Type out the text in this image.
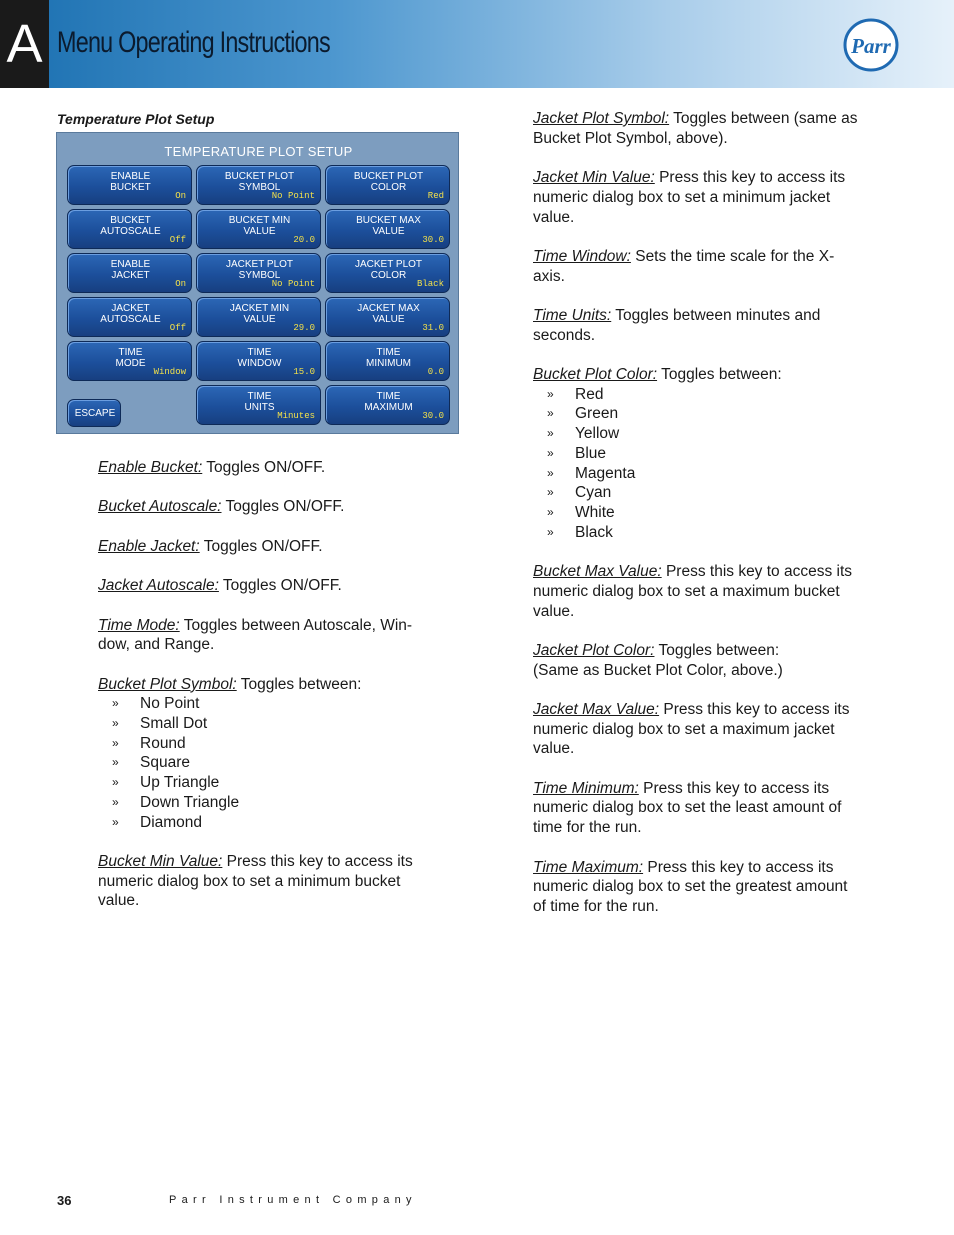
A Menu Operating Instructions	Parr
Temperature Plot Setup
TEMPERATURE PLOT SETUP
ENABLE
BUCKET
On
BUCKET PLOT
SYMBOL
No Point
BUCKET PLOT
COLOR
Red
BUCKET
AUTOSCALE
Off
BUCKET MIN
VALUE
20.0
BUCKET MAX
VALUE
30.0
ENABLE
JACKET
On
JACKET PLOT
SYMBOL
No Point
JACKET PLOT
COLOR
Black
JACKET
AUTOSCALE
Off
JACKET MIN
VALUE
29.0
JACKET MAX
VALUE
31.0
TIME
MODE
Window
TIME
WINDOW
15.0
TIME
MINIMUM
0.0
TIME
UNITS
Minutes
TIME
MAXIMUM
30.0
ESCAPE
Enable Bucket: Toggles ON/OFF.
Bucket Autoscale: Toggles ON/OFF.
Enable Jacket: Toggles ON/OFF.
Jacket Autoscale: Toggles ON/OFF.
Time Mode: Toggles between Autoscale, Win-
dow, and Range.
Bucket Plot Symbol: Toggles between:
» No Point
» Small Dot
» Round
» Square
» Up Triangle
» Down Triangle
» Diamond
Bucket Min Value: Press this key to access its
numeric dialog box to set a minimum bucket
value.
Jacket Plot Symbol: Toggles between (same as
Bucket Plot Symbol, above).
Jacket Min Value: Press this key to access its
numeric dialog box to set a minimum jacket
value.
Time Window: Sets the time scale for the X-
axis.
Time Units: Toggles between minutes and
seconds.
Bucket Plot Color: Toggles between:
» Red
» Green
» Yellow
» Blue
» Magenta
» Cyan
» White
» Black
Bucket Max Value: Press this key to access its
numeric dialog box to set a maximum bucket
value.
Jacket Plot Color: Toggles between:
(Same as Bucket Plot Color, above.)
Jacket Max Value: Press this key to access its
numeric dialog box to set a maximum jacket
value.
Time Minimum: Press this key to access its
numeric dialog box to set the least amount of
time for the run.
Time Maximum: Press this key to access its
numeric dialog box to set the greatest amount
of time for the run.
36	Parr Instrument Company
